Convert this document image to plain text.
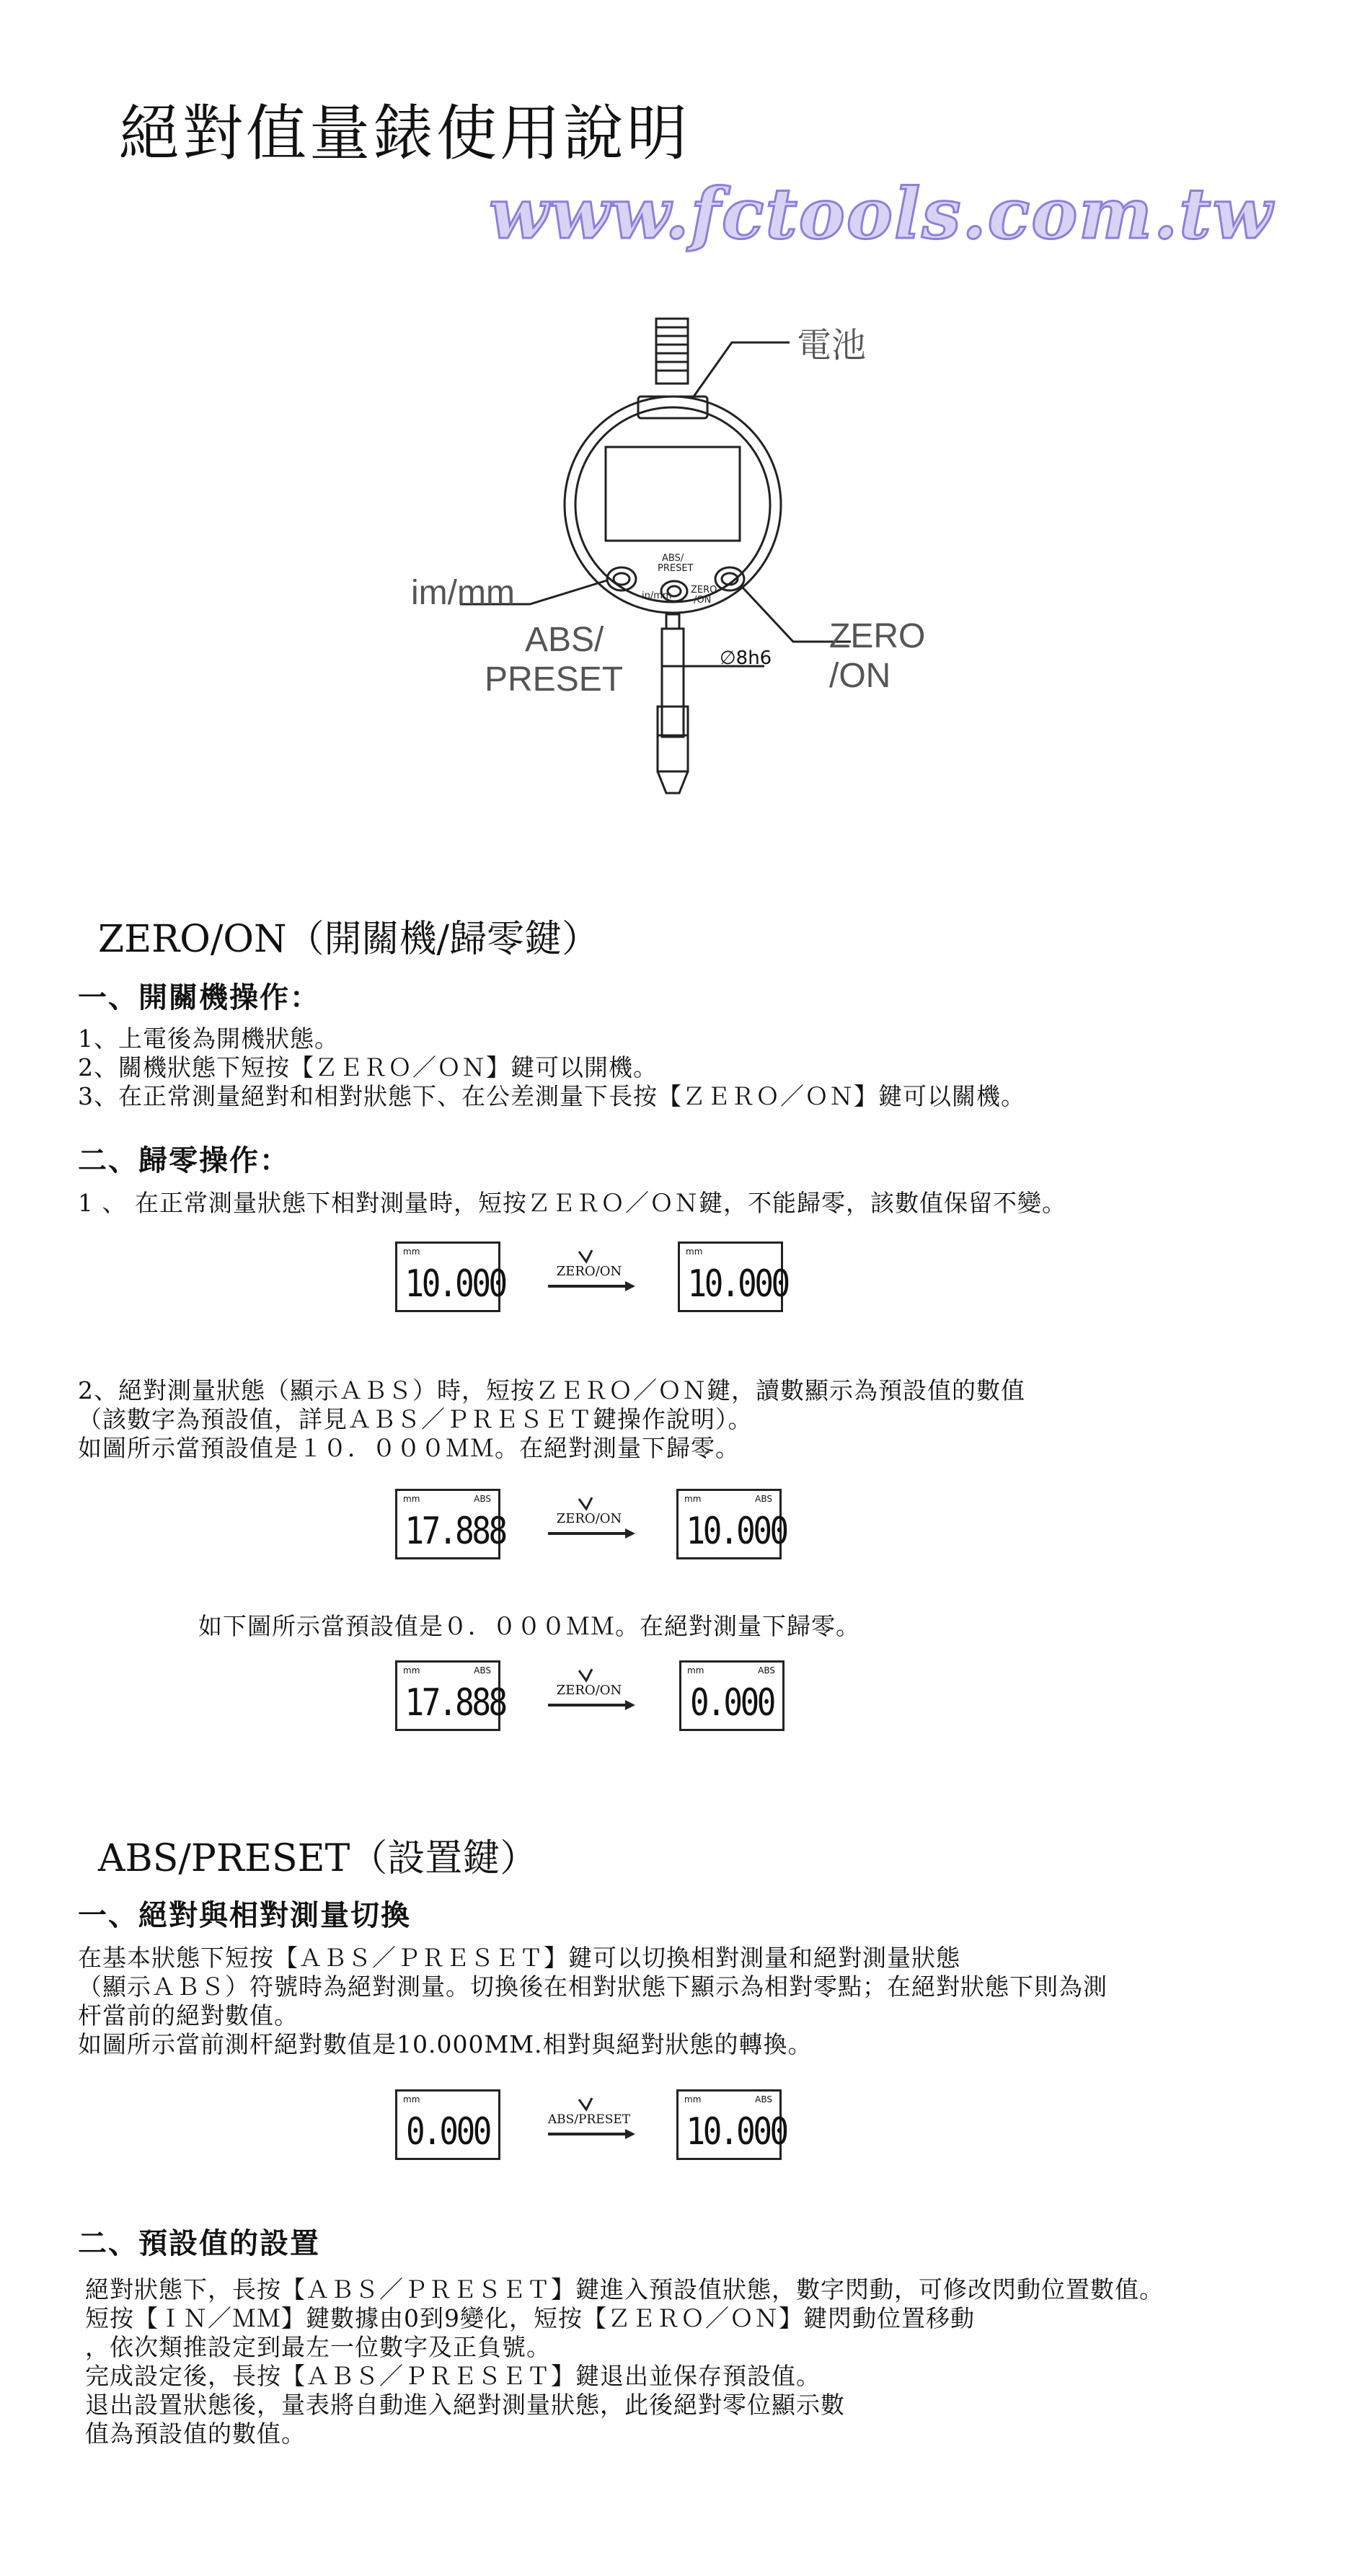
絕對值量錶使用說明
www.fctools.com.tw
ABS/
PRESET
in/mm
ZERO
/ON
電池
im/mm
ABS/
PRESET
ZERO
/ON
∅8h6
ZERO/ON（開關機/歸零鍵）
一、開關機操作：
1、上電後為開機狀態。
2、關機狀態下短按【ＺＥＲＯ／ＯＮ】鍵可以開機。
3、在正常測量絕對和相對狀態下、在公差測量下長按【ＺＥＲＯ／ＯＮ】鍵可以關機。
二、歸零操作：
1 、 在正常測量狀態下相對測量時，短按ＺＥＲＯ／ＯＮ鍵，不能歸零，該數值保留不變。
mm
10.000	ZERO/ON
mm
10.000
2、絕對測量狀態（顯示ＡＢＳ）時，短按ＺＥＲＯ／ＯＮ鍵，讀數顯示為預設值的數值
（該數字為預設值，詳見ＡＢＳ／ＰＲＥＳＥＴ鍵操作說明）。
如圖所示當預設值是１０．０００ＭＭ。在絕對測量下歸零。
mm	ABS
17.888	ZERO/ON
mm	ABS
10.000
如下圖所示當預設值是０．０００ＭＭ。在絕對測量下歸零。
mm	ABS
17.888	ZERO/ON
mm	ABS
0.000
ABS/PRESET（設置鍵）
一、絕對與相對測量切換
在基本狀態下短按【ＡＢＳ／ＰＲＥＳＥＴ】鍵可以切換相對測量和絕對測量狀態
（顯示ＡＢＳ）符號時為絕對測量。切換後在相對狀態下顯示為相對零點；在絕對狀態下則為測
杆當前的絕對數值。
如圖所示當前測杆絕對數值是10.000MM.相對與絕對狀態的轉換。
mm
0.000	ABS/PRESET
mm	ABS
10.000
二、預設值的設置
絕對狀態下，長按【ＡＢＳ／ＰＲＥＳＥＴ】鍵進入預設值狀態，數字閃動，可修改閃動位置數值。
短按【ＩＮ／ＭＭ】鍵數據由0到9變化，短按【ＺＥＲＯ／ＯＮ】鍵閃動位置移動
，依次類推設定到最左一位數字及正負號。
完成設定後，長按【ＡＢＳ／ＰＲＥＳＥＴ】鍵退出並保存預設值。
退出設置狀態後，量表將自動進入絕對測量狀態，此後絕對零位顯示數
值為預設值的數值。
